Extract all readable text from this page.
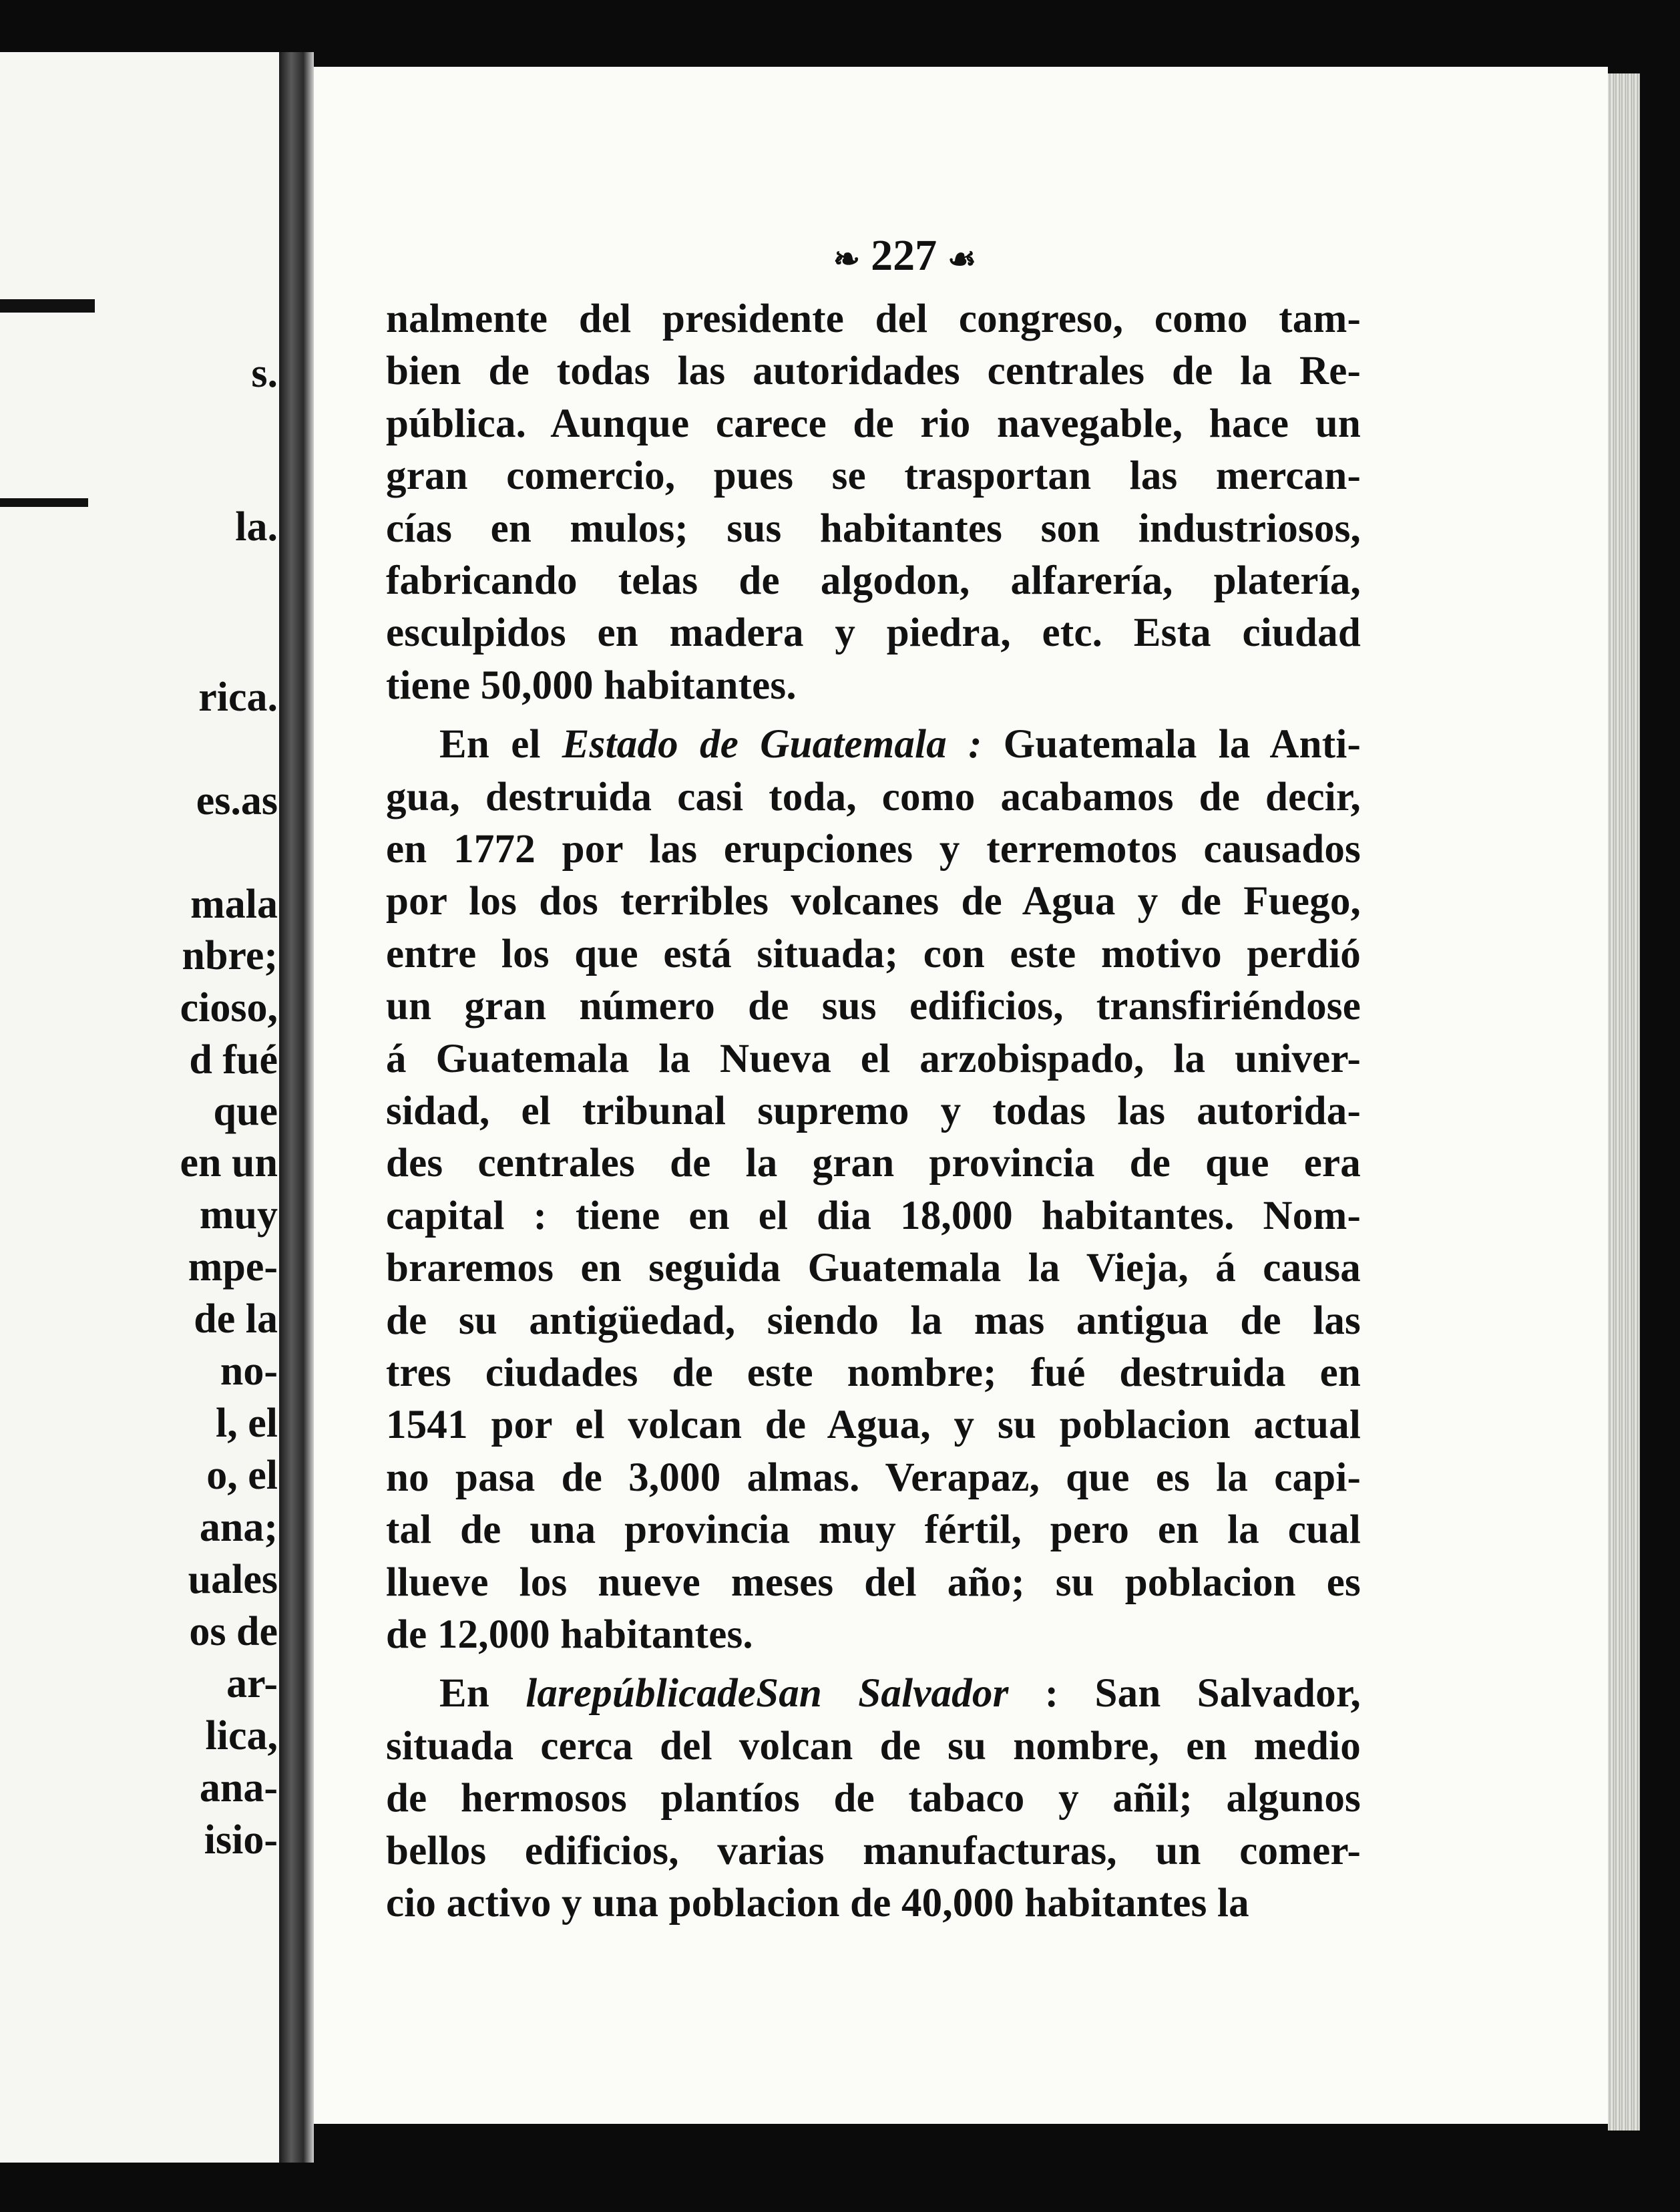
s.
la.
rica.
es.as
mala
nbre;
cioso,
d fué
que
en un
muy
mpe-
de la
no-
l, el
o, el
ana;
uales
os de
ar-
lica,
ana-
isio-
❧ 227 ☙
nalmente del presidente del congreso, como tam-
bien de todas las autoridades centrales de la Re-
pública. Aunque carece de rio navegable, hace un
gran comercio, pues se trasportan las mercan-
cías en mulos; sus habitantes son industriosos,
fabricando telas de algodon, alfarería, platería,
esculpidos en madera y piedra, etc. Esta ciudad
tiene 50,000 habitantes.
En el Estado de Guatemala : Guatemala la Anti-
gua, destruida casi toda, como acabamos de decir,
en 1772 por las erupciones y terremotos causados
por los dos terribles volcanes de Agua y de Fuego,
entre los que está situada; con este motivo perdió
un gran número de sus edificios, transfiriéndose
á Guatemala la Nueva el arzobispado, la univer-
sidad, el tribunal supremo y todas las autorida-
des centrales de la gran provincia de que era
capital : tiene en el dia 18,000 habitantes. Nom-
braremos en seguida Guatemala la Vieja, á causa
de su antigüedad, siendo la mas antigua de las
tres ciudades de este nombre; fué destruida en
1541 por el volcan de Agua, y su poblacion actual
no pasa de 3,000 almas. Verapaz, que es la capi-
tal de una provincia muy fértil, pero en la cual
llueve los nueve meses del año; su poblacion es
de 12,000 habitantes.
En larepúblicadeSan Salvador : San Salvador,
situada cerca del volcan de su nombre, en medio
de hermosos plantíos de tabaco y añil; algunos
bellos edificios, varias manufacturas, un comer-
cio activo y una poblacion de 40,000 habitantes la
